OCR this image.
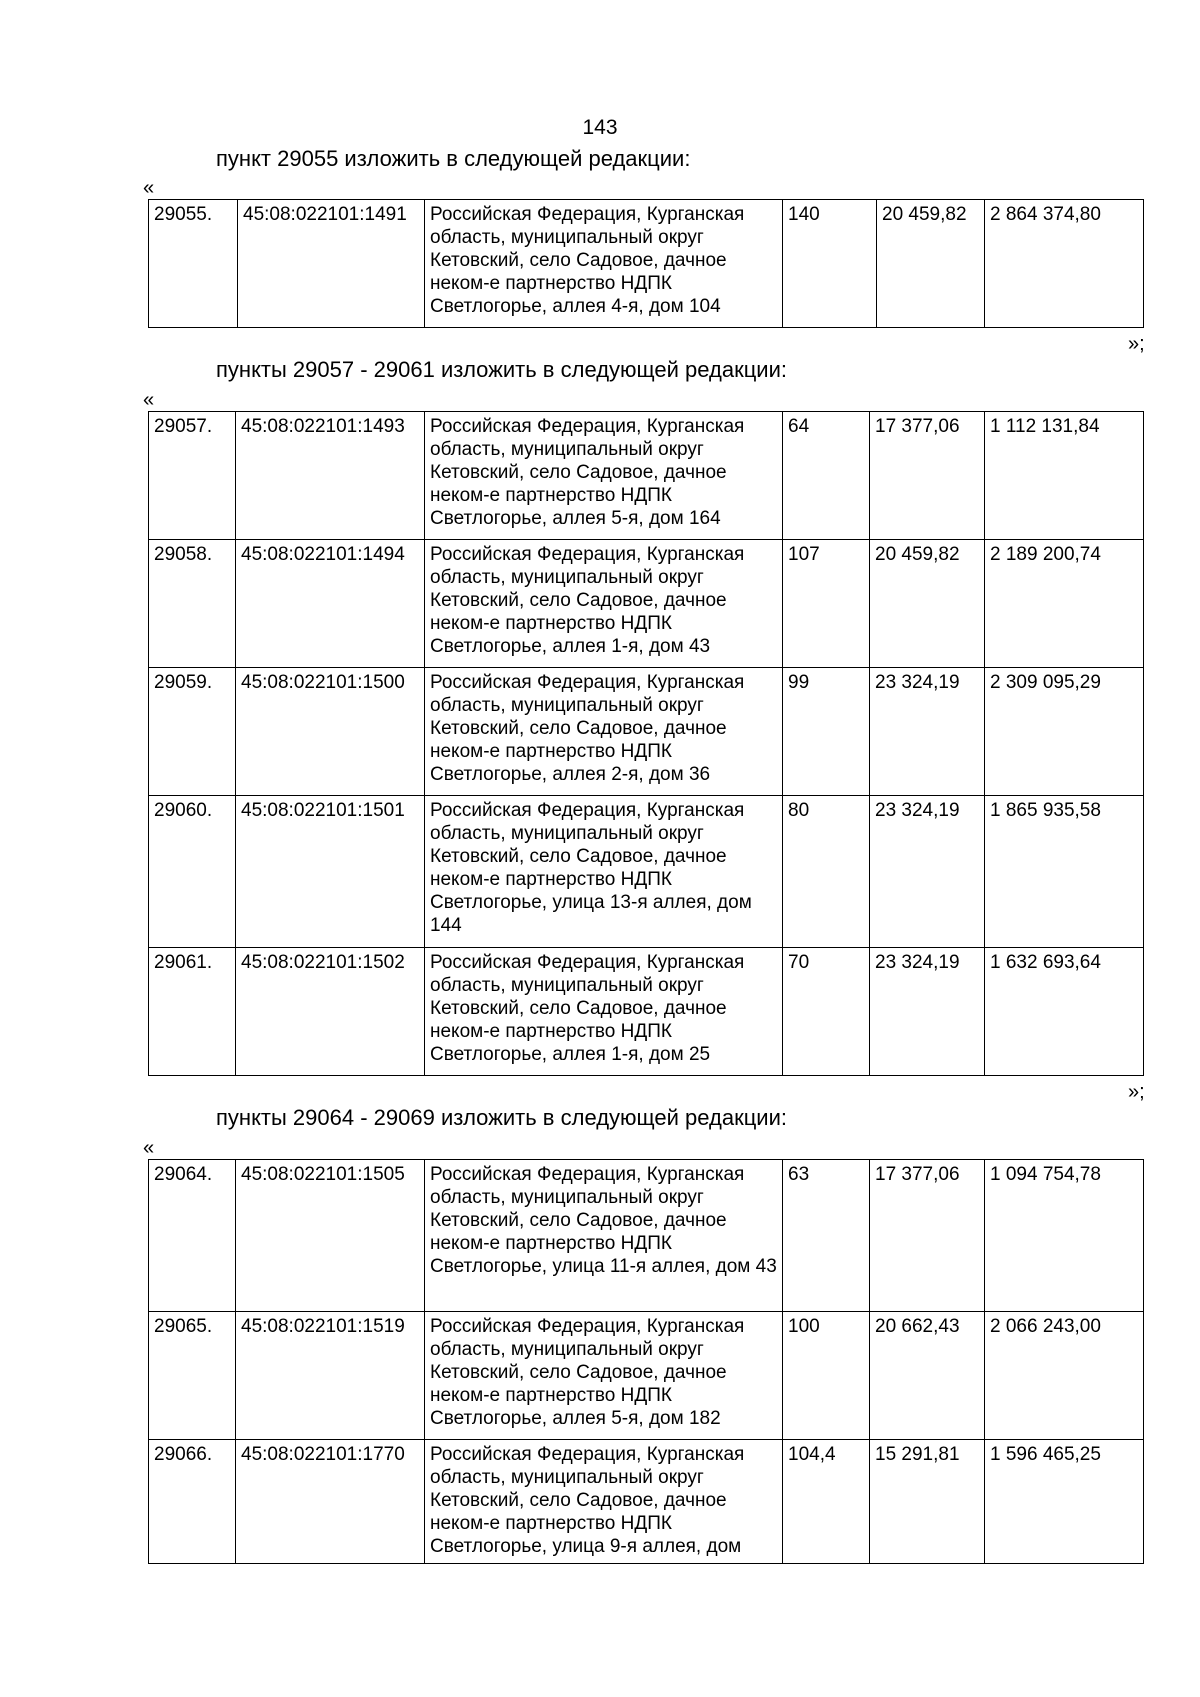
143
пункт 29055 изложить в следующей редакции:
«
29055.	45:08:022101:1491	Российская Федерация, Курганская область, муниципальный округ Кетовский, село Садовое, дачное неком-е партнерство НДПК Светлогорье, аллея 4-я, дом 104	140	20 459,82	2 864 374,80
»;
пункты 29057 - 29061 изложить в следующей редакции:
«
29057.	45:08:022101:1493	Российская Федерация, Курганская область, муниципальный округ Кетовский, село Садовое, дачное неком-е партнерство НДПК Светлогорье, аллея 5-я, дом 164	64	17 377,06	1 112 131,84
29058.	45:08:022101:1494	Российская Федерация, Курганская область, муниципальный округ Кетовский, село Садовое, дачное неком-е партнерство НДПК Светлогорье, аллея 1-я, дом 43	107	20 459,82	2 189 200,74
29059.	45:08:022101:1500	Российская Федерация, Курганская область, муниципальный округ Кетовский, село Садовое, дачное неком-е партнерство НДПК Светлогорье, аллея 2-я, дом 36	99	23 324,19	2 309 095,29
29060.	45:08:022101:1501	Российская Федерация, Курганская область, муниципальный округ Кетовский, село Садовое, дачное неком-е партнерство НДПК Светлогорье, улица 13-я аллея, дом 144	80	23 324,19	1 865 935,58
29061.	45:08:022101:1502	Российская Федерация, Курганская область, муниципальный округ Кетовский, село Садовое, дачное неком-е партнерство НДПК Светлогорье, аллея 1-я, дом 25	70	23 324,19	1 632 693,64
»;
пункты 29064 - 29069 изложить в следующей редакции:
«
29064.	45:08:022101:1505	Российская Федерация, Курганская область, муниципальный округ Кетовский, село Садовое, дачное неком-е партнерство НДПК Светлогорье, улица 11-я аллея, дом 43	63	17 377,06	1 094 754,78
29065.	45:08:022101:1519	Российская Федерация, Курганская область, муниципальный округ Кетовский, село Садовое, дачное неком-е партнерство НДПК Светлогорье, аллея 5-я, дом 182	100	20 662,43	2 066 243,00
29066.	45:08:022101:1770	Российская Федерация, Курганская область, муниципальный округ Кетовский, село Садовое, дачное неком-е партнерство НДПК Светлогорье, улица 9-я аллея, дом	104,4	15 291,81	1 596 465,25
